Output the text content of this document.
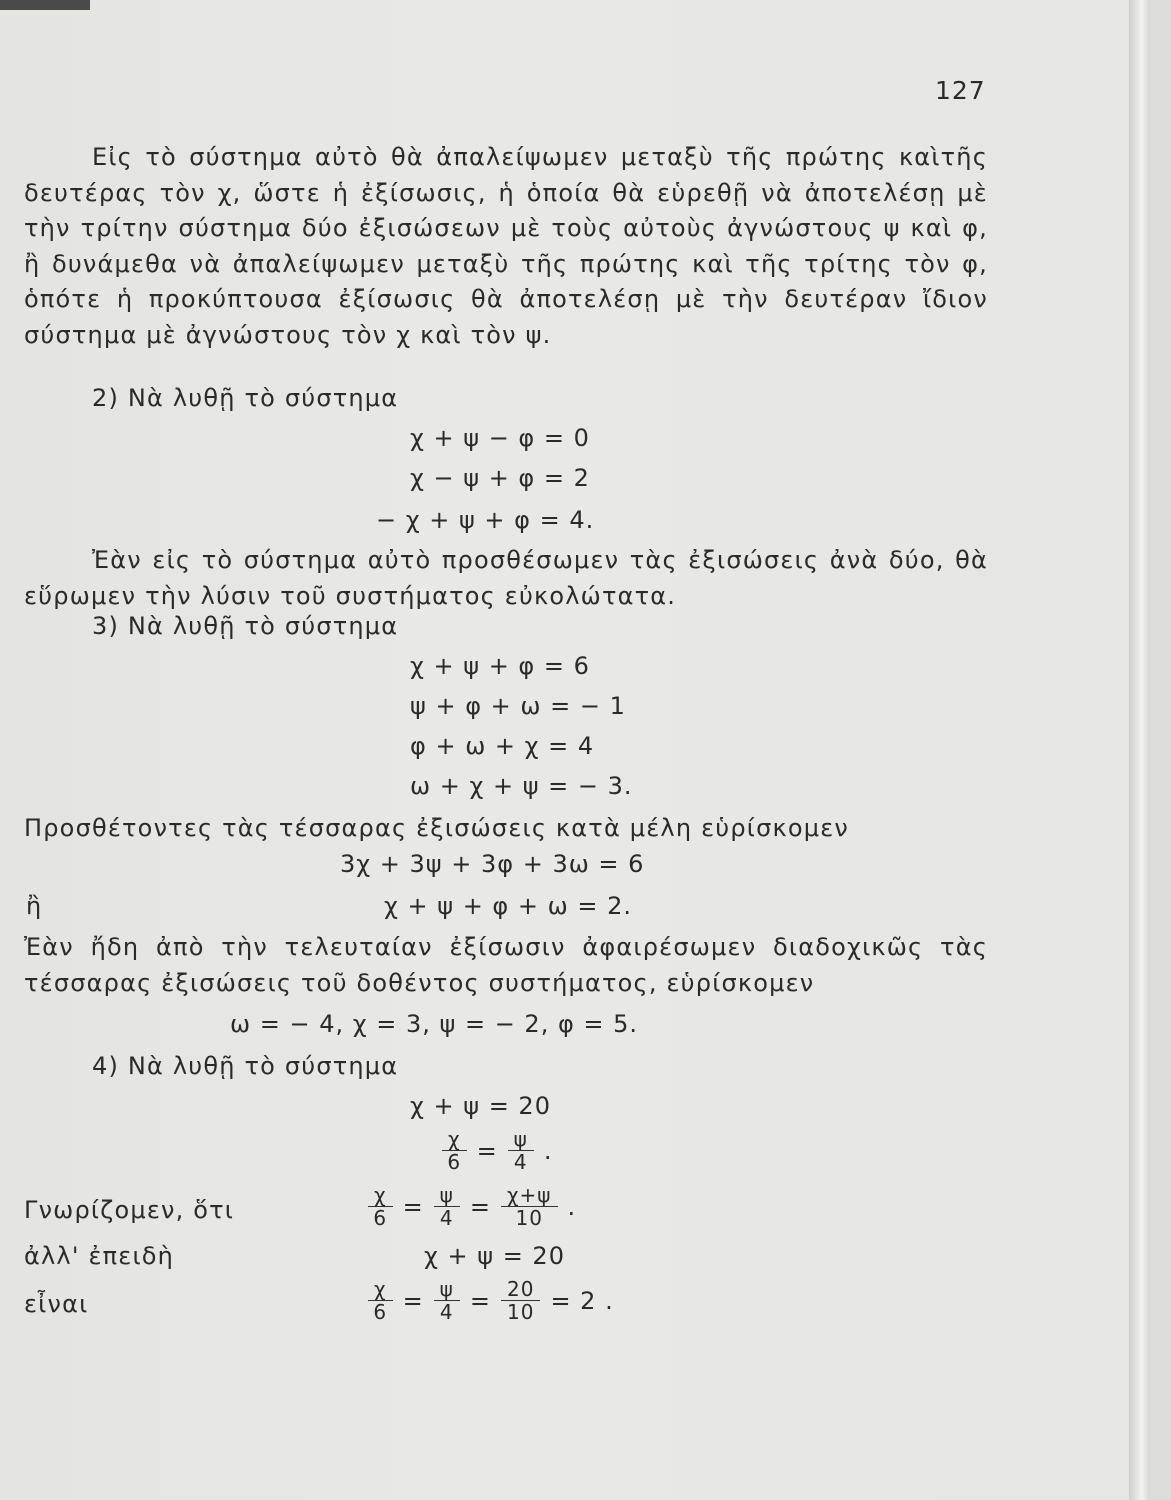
127
Εἰς τὸ σύστημα αὐτὸ θὰ ἀπαλείψωμεν μεταξὺ τῆς πρώτης καὶτῆς δευτέρας τὸν χ, ὥστε ἡ ἐξίσωσις, ἡ ὁποία θὰ εὑρεθῇ νὰ ἀποτελέσῃ μὲ τὴν τρίτην σύστημα δύο ἐξισώσεων μὲ τοὺς αὐτοὺς ἀγνώστους ψ καὶ φ, ἢ δυνάμεθα νὰ ἀπαλείψωμεν μεταξὺ τῆς πρώτης καὶ τῆς τρίτης τὸν φ, ὁπότε ἡ προκύπτουσα ἐξίσωσις θὰ ἀποτελέσῃ μὲ τὴν δευτέραν ἴδιον σύστημα μὲ ἀγνώστους τὸν χ καὶ τὸν ψ.
2) Νὰ λυθῇ τὸ σύστημα
χ + ψ − φ = 0
χ − ψ + φ = 2
− χ + ψ + φ = 4.
Ἐὰν εἰς τὸ σύστημα αὐτὸ προσθέσωμεν τὰς ἐξισώσεις ἀνὰ δύο, θὰ εὕρωμεν τὴν λύσιν τοῦ συστήματος εὐκολώτατα.
3) Νὰ λυθῇ τὸ σύστημα
χ + ψ + φ = 6
ψ + φ + ω = − 1
φ + ω + χ = 4
ω + χ + ψ = − 3.
Προσθέτοντες τὰς τέσσαρας ἐξισώσεις κατὰ μέλη εὑρίσκομεν
3χ + 3ψ + 3φ + 3ω = 6
ἢ	χ + ψ + φ + ω = 2.
Ἐὰν ἤδη ἀπὸ τὴν τελευταίαν ἐξίσωσιν ἀφαιρέσωμεν διαδοχικῶς τὰς τέσσαρας ἐξισώσεις τοῦ δοθέντος συστήματος, εὑρίσκομεν
ω = − 4, χ = 3, ψ = − 2, φ = 5.
4) Νὰ λυθῇ τὸ σύστημα
χ + ψ = 20
$\frac{\chi}{6} = \frac{\psi}{4}$ .
Γνωρίζομεν, ὅτι	$\frac{\chi}{6} = \frac{\psi}{4} = \frac{\chi+\psi}{10}$ .
ἀλλ' ἐπειδὴ	χ + ψ = 20
εἶναι	$\frac{\chi}{6} = \frac{\psi}{4} = \frac{20}{10} = 2$ .
